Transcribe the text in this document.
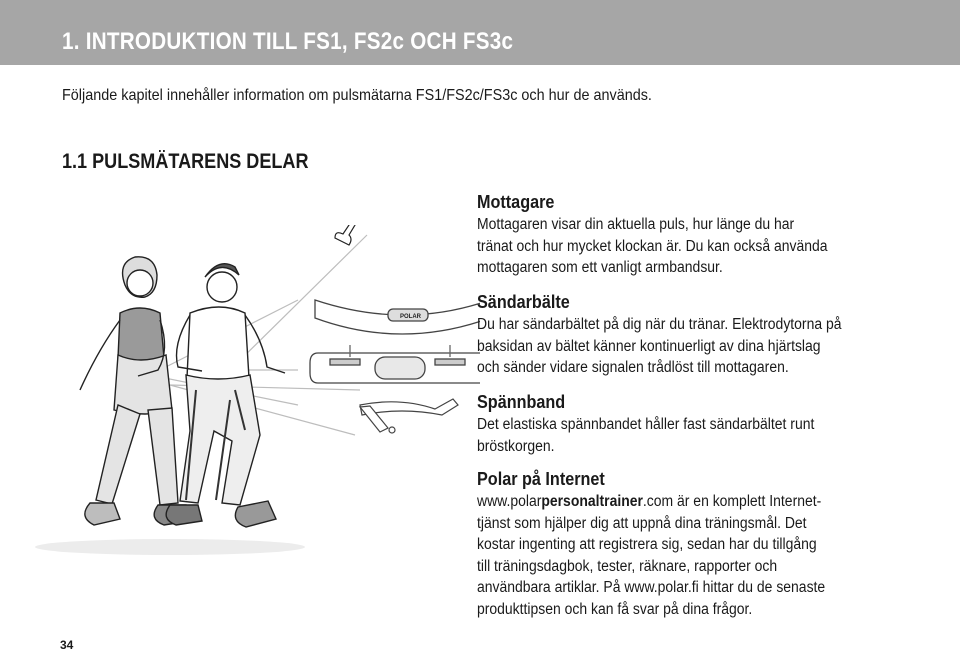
1. INTRODUKTION TILL FS1, FS2c OCH FS3c
Följande kapitel innehåller information om pulsmätarna FS1/FS2c/FS3c och hur de används.
1.1 PULSMÄTARENS DELAR
POLAR
Mottagare

Mottagaren visar din aktuella puls, hur länge du har
tränat och hur mycket klockan är. Du kan också använda
mottagaren som ett vanligt armbandsur.

Sändarbälte

Du har sändarbältet på dig när du tränar. Elektrodytorna på
baksidan av bältet känner kontinuerligt av dina hjärtslag
och sänder vidare signalen trådlöst till mottagaren.

Spännband

Det elastiska spännbandet håller fast sändarbältet runt
bröstkorgen.

Polar på Internet

www.polarpersonaltrainer.com är en komplett Internet-
tjänst som hjälper dig att uppnå dina träningsmål. Det
kostar ingenting att registrera sig, sedan har du tillgång
till träningsdagbok, tester, räknare, rapporter och
användbara artiklar. På www.polar.fi hittar du de senaste
produkttipsen och kan få svar på dina frågor.

34
